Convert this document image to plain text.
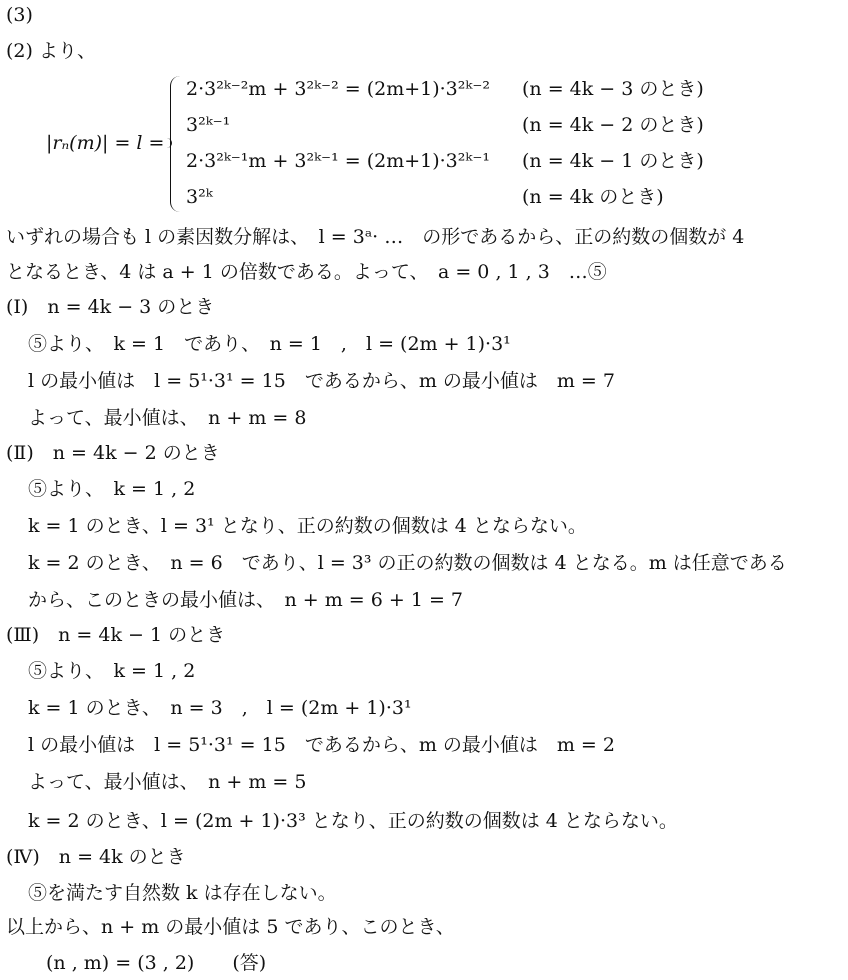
(3)
(2) より、
|rₙ(m)| = l =
2·3²ᵏ⁻²m + 3²ᵏ⁻² = (2m+1)·3²ᵏ⁻² (n = 4k − 3 のとき)
3²ᵏ⁻¹	(n = 4k − 2 のとき)
2·3²ᵏ⁻¹m + 3²ᵏ⁻¹ = (2m+1)·3²ᵏ⁻¹ (n = 4k − 1 のとき)
3²ᵏ	(n = 4k のとき)
いずれの場合も l の素因数分解は、　l = 3ᵃ· …　の形であるから、正の約数の個数が 4
となるとき、4 は a + 1 の倍数である。よって、　a = 0 , 1 , 3　…⑤
(Ⅰ)　n = 4k − 3 のとき
⑤より、　k = 1　であり、　n = 1　,　l = (2m + 1)·3¹
l の最小値は　l = 5¹·3¹ = 15　であるから、m の最小値は　m = 7
よって、最小値は、　n + m = 8
(Ⅱ)　n = 4k − 2 のとき
⑤より、　k = 1 , 2
k = 1 のとき、l = 3¹ となり、正の約数の個数は 4 とならない。
k = 2 のとき、　n = 6　であり、l = 3³ の正の約数の個数は 4 となる。m は任意である
から、このときの最小値は、　n + m = 6 + 1 = 7
(Ⅲ)　n = 4k − 1 のとき
⑤より、　k = 1 , 2
k = 1 のとき、　n = 3　,　l = (2m + 1)·3¹
l の最小値は　l = 5¹·3¹ = 15　であるから、m の最小値は　m = 2
よって、最小値は、　n + m = 5
k = 2 のとき、l = (2m + 1)·3³ となり、正の約数の個数は 4 とならない。
(Ⅳ)　n = 4k のとき
⑤を満たす自然数 k は存在しない。
以上から、n + m の最小値は 5 であり、このとき、
(n , m) = (3 , 2)　　(答)
